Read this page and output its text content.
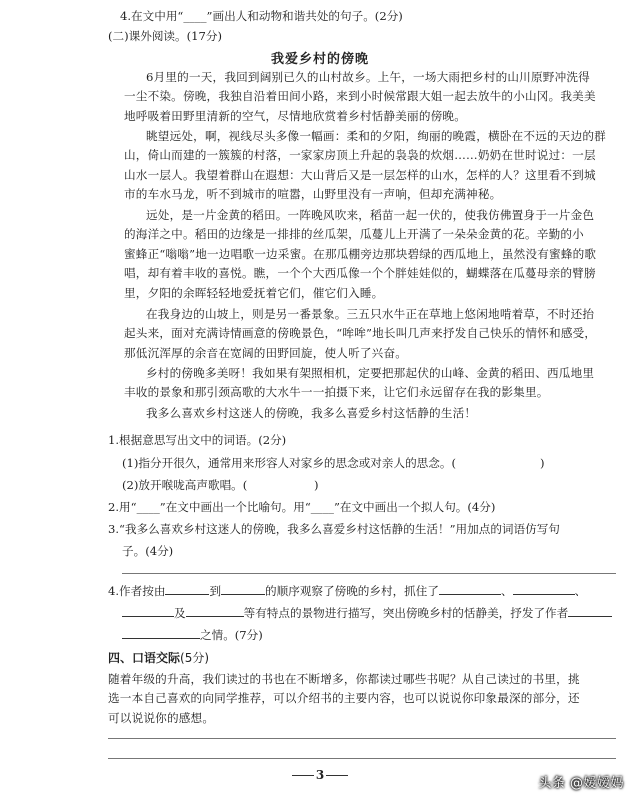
4.在文中用“____”画出人和动物和谐共处的句子。(2分)
(二)课外阅读。(17分)
我爱乡村的傍晚
6月里的一天，我回到阔别已久的山村故乡。上午，一场大雨把乡村的山川原野冲洗得
一尘不染。傍晚，我独自沿着田间小路，来到小时候常跟大姐一起去放牛的小山冈。我美美
地呼吸着田野里清新的空气，尽情地欣赏着乡村恬静美丽的傍晚。
眺望远处，啊，视线尽头多像一幅画：柔和的夕阳，绚丽的晚霞，横卧在不远的天边的群
山，倚山而建的一簇簇的村落，一家家房顶上升起的袅袅的炊烟……奶奶在世时说过：一层
山水一层人。我望着群山在遐想：大山背后又是一层怎样的山水，怎样的人？这里看不到城
市的车水马龙，听不到城市的喧嚣，山野里没有一声响，但却充满神秘。
远处，是一片金黄的稻田。一阵晚风吹来，稻苗一起一伏的，使我仿佛置身于一片金色
的海洋之中。稻田的边缘是一排排的丝瓜架，瓜蔓儿上开满了一朵朵金黄的花。辛勤的小
蜜蜂正“嗡嗡”地一边唱歌一边采蜜。在那瓜棚旁边那块碧绿的西瓜地上，虽然没有蜜蜂的歌
唱，却有着丰收的喜悦。瞧，一个个大西瓜像一个个胖娃娃似的，蝴蝶落在瓜蔓母亲的臂膀
里，夕阳的余晖轻轻地爱抚着它们，催它们入睡。
在我身边的山坡上，则是另一番景象。三五只水牛正在草地上悠闲地啃着草，不时还抬
起头来，面对充满诗情画意的傍晚景色，“哞哞”地长叫几声来抒发自己快乐的情怀和感受，
那低沉浑厚的余音在宽阔的田野回旋，使人听了兴奋。
乡村的傍晚多美呀！我如果有架照相机，定要把那起伏的山峰、金黄的稻田、西瓜地里
丰收的景象和那引颈高歌的大水牛一一拍摄下来，让它们永远留存在我的影集里。
我多么喜欢乡村这迷人的傍晚，我多么喜爱乡村这恬静的生活！
1.根据意思写出文中的词语。(2分)
(1)指分开很久，通常用来形容人对家乡的思念或对亲人的思念。(	)
(2)放开喉咙高声歌唱。(	)
2.用“____”在文中画出一个比喻句。用“____”在文中画出一个拟人句。(4分)
3.“我多么喜欢乡村这迷人的傍晚，我多么喜爱乡村这恬静的生活！”用加点的词语仿写句
子。(4分)
4.作者按由	到	的顺序观察了傍晚的乡村，抓住了	、	、
及	等有特点的景物进行描写，突出傍晚乡村的恬静美，抒发了作者
之情。(7分)
四、口语交际(5分)
随着年级的升高，我们读过的书也在不断增多，你都读过哪些书呢？从自己读过的书里，挑
选一本自己喜欢的向同学推荐，可以介绍书的主要内容，也可以说说你印象最深的部分，还
可以说说你的感想。
3
头条 @嫒嫒妈
